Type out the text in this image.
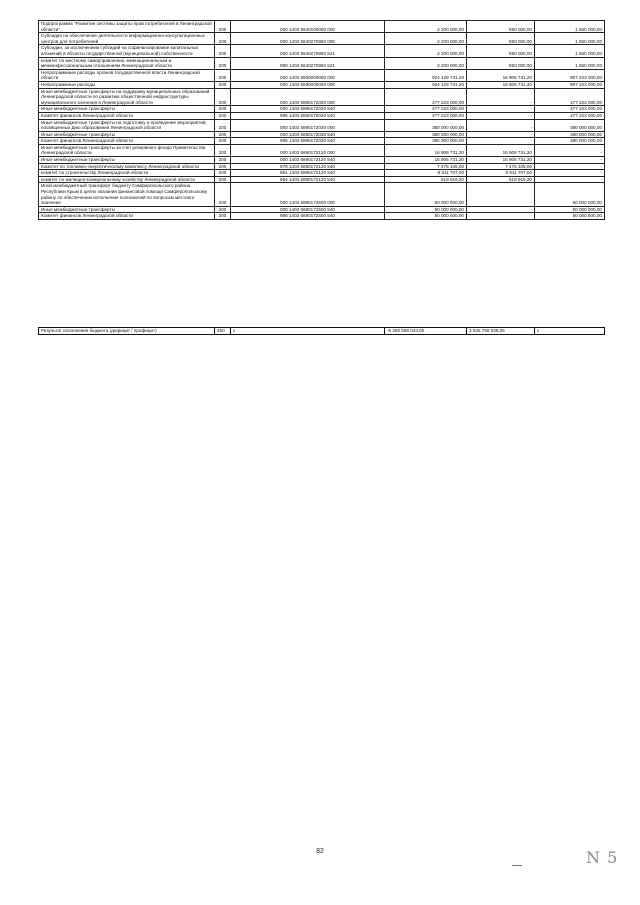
Подпрограмма "Развитие системы защиты прав потребителей в Ленинградской области"	200	000 1403 6640100000 000	2 200 000,00	550 000,00	1 650 000,00
Субсидия на обеспечение деятельности информационно-консультационных центров для потребителей	200	000 1403 6640270860 000	2 200 000,00	550 000,00	1 650 000,00
Субсидии, за исключением субсидий на софинансирование капитальных вложений в объекты государственной (муниципальной) собственности	200	000 1403 6640270860 521	2 200 000,00	550 000,00	1 650 000,00
комитет по местному самоуправлению, межнациональным и межконфессиональным отношениям Ленинградской области	200	980 1403 6640270860 521	2 200 000,00	550 000,00	1 650 000,00
Непрограммные расходы органов государственной власти Ленинградской области	200	000 1403 6800000000 000	924 129 731,20	16 906 731,20	907 223 000,00
Непрограммные расходы	200	000 1403 6890000000 000	924 129 731,20	16 906 731,20	907 223 000,00
Иные межбюджетные трансферты на поддержку муниципальных образований Ленинградской области по развитию общественной инфраструктуры муниципального значения в Ленинградской области	200	000 1403 6890172020 000	477 223 000,00	-	477 223 000,00
Иные межбюджетные трансферты	200	000 1403 6890172020 540	477 223 000,00	-	477 223 000,00
Комитет финансов Ленинградской области	200	985 1403 6890172020 540	477 223 000,00	-	477 223 000,00
Иные межбюджетные трансферты на подготовку и проведение мероприятий, посвященных Дню образования Ленинградской области	200	000 1403 6890172030 000	380 000 000,00	-	380 000 000,00
Иные межбюджетные трансферты	200	000 1403 6890172030 540	380 000 000,00	-	380 000 000,00
Комитет финансов Ленинградской области	200	985 1403 6890172030 540	380 000 000,00	-	380 000 000,00
Иные межбюджетные трансферты за счет резервного фонда Правительства Ленинградской области	200	000 1403 6890172120 000	16 906 731,20	16 906 731,20	-
Иные межбюджетные трансферты	200	000 1403 6890172120 540	16 906 731,20	16 906 731,20	-
Комитет по топливно-энергетическому комплексу Ленинградской области	200	978 1403 6890172120 540	7 475 105,00	7 475 105,00	-
комитет по строительству Ленинградской области	200	981 1403 6890172120 540	8 911 707,00	8 911 707,00	-
комитет по жилищно-коммунальному хозяйству Ленинградской области	200	984 1403 6890172120 540	519 919,20	519 919,20	-
Иной межбюджетный трансферт бюджету Симферопольского района Республики Крым в целях оказания финансовой помощи Симферопольскому району по обеспечению исполнения полномочий по вопросам местного значения	200	000 1403 6890172500 000	50 000 000,00	-	50 000 000,00
Иные межбюджетные трансферты	200	000 1403 6890172500 540	50 000 000,00	-	50 000 000,00
Комитет финансов Ленинградской области	200	985 1403 6890172500 540	50 000 000,00	-	50 000 000,00
Результат исполнения бюджета (дефицит / профицит)	450	x	-6 250 568 044,00	3 635 768 638,05	x
82	N 5
